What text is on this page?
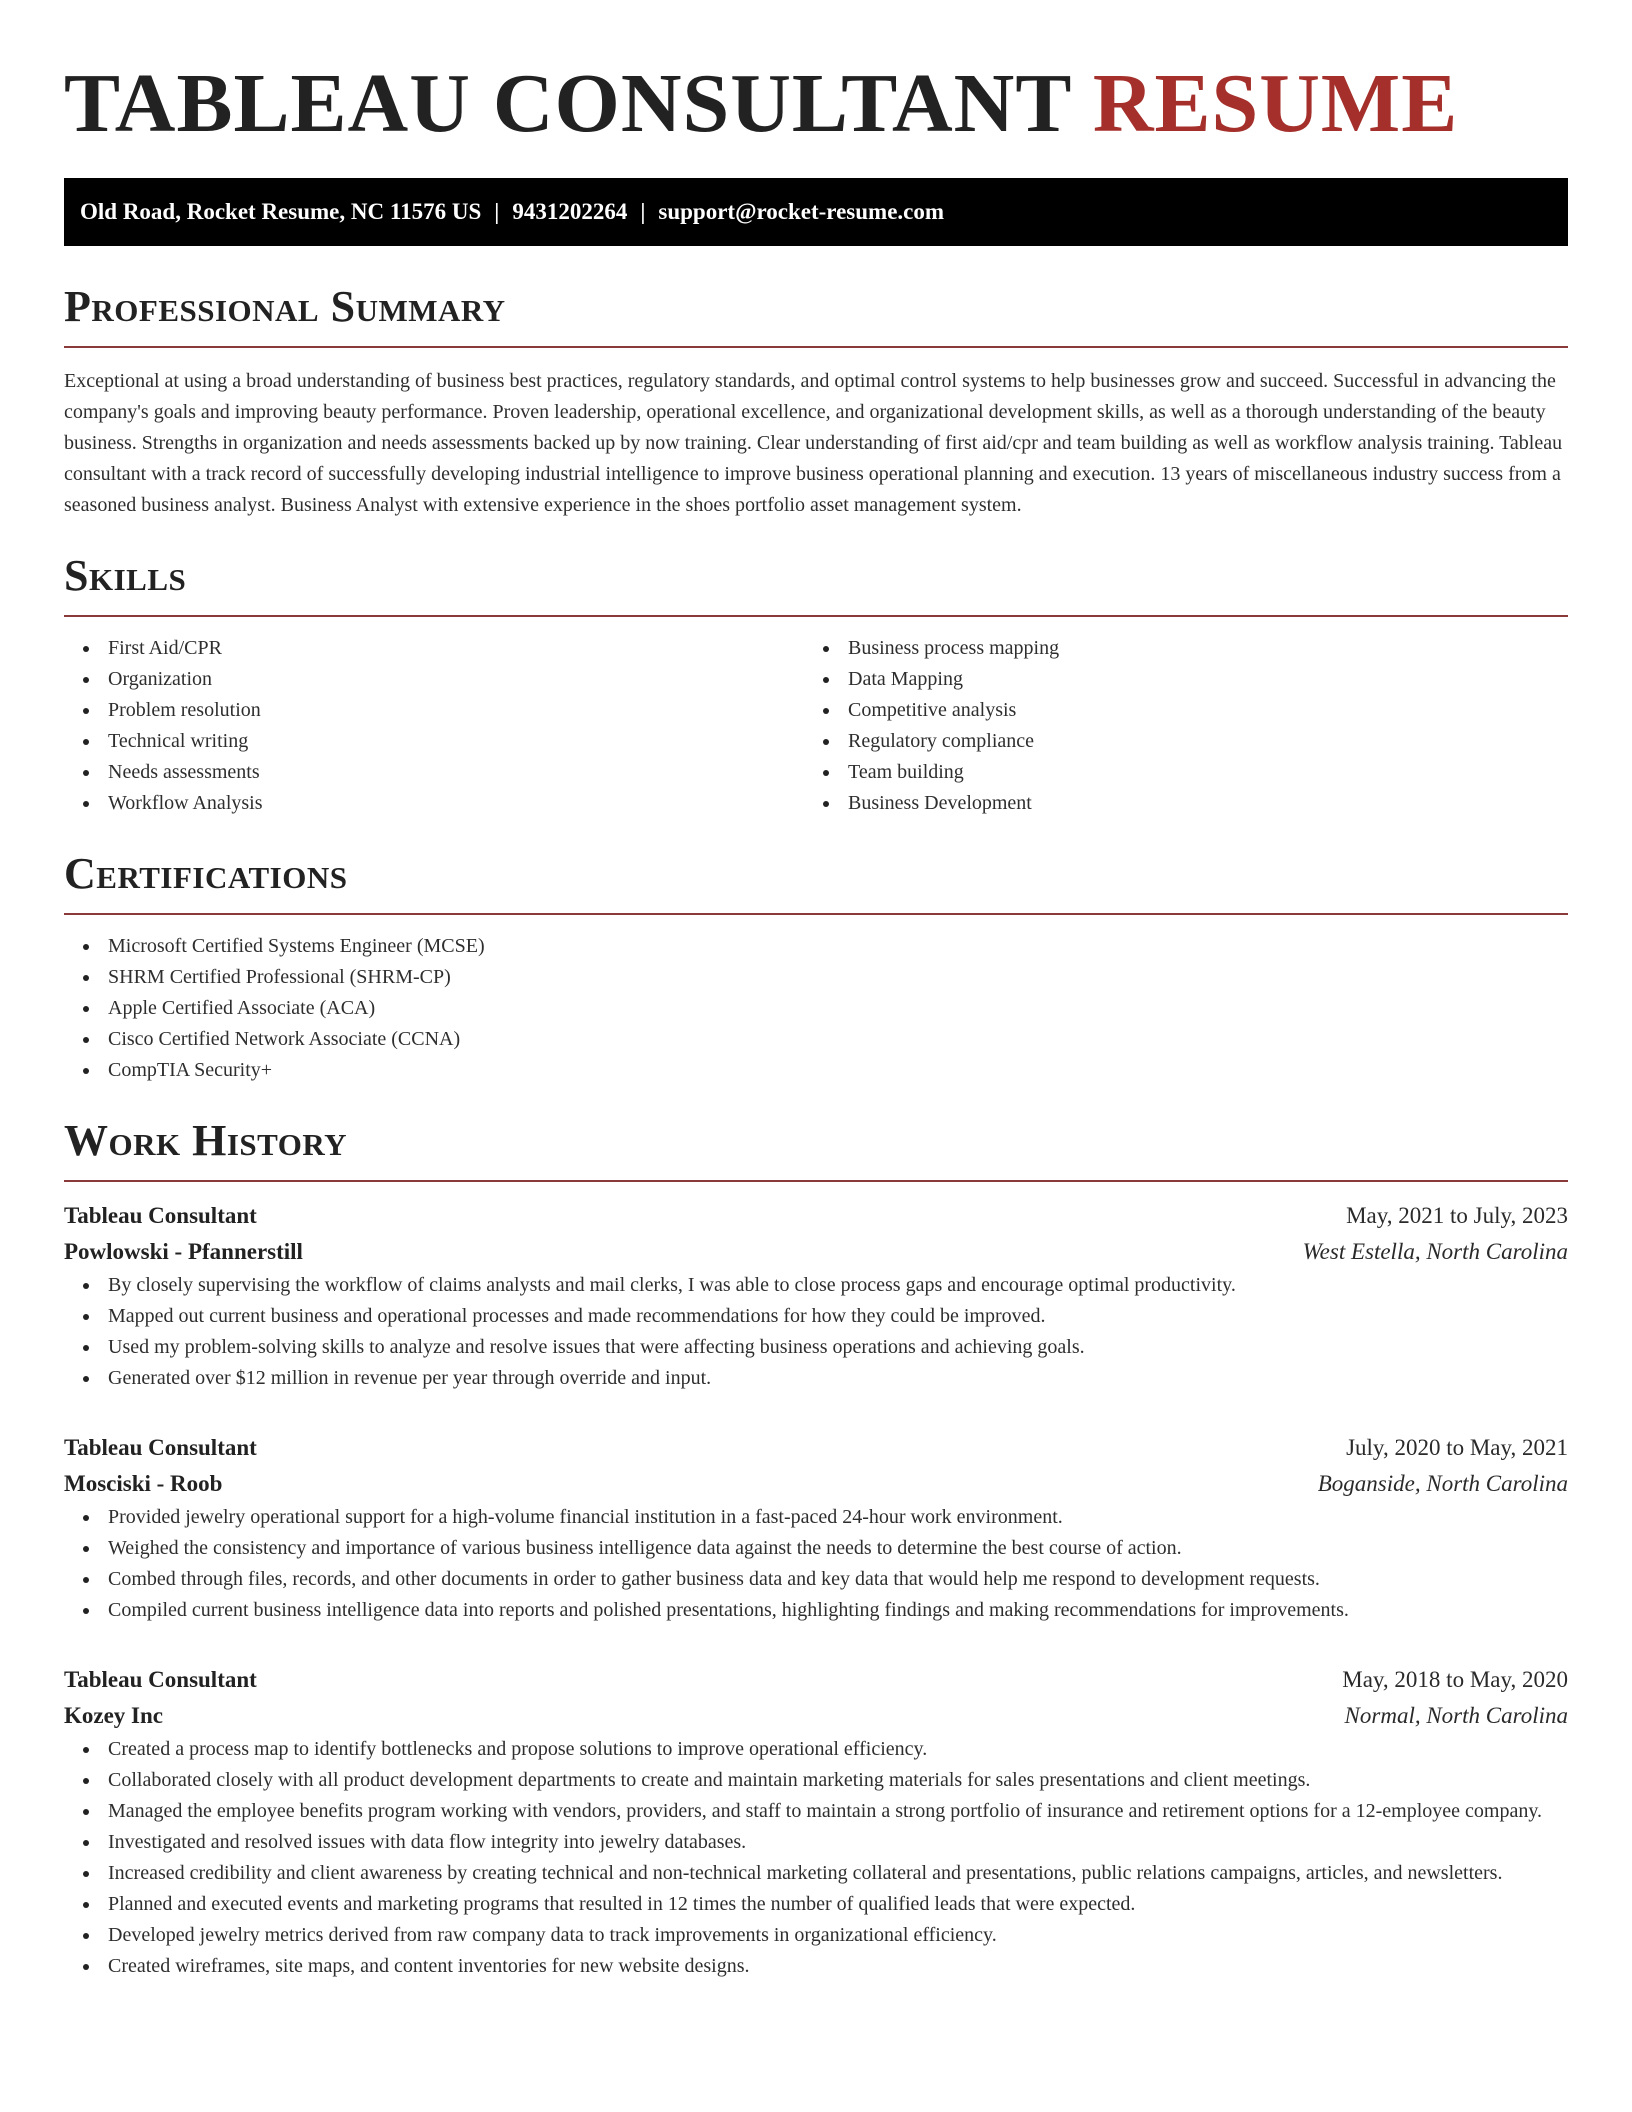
TABLEAU CONSULTANT RESUME
Old Road, Rocket Resume, NC 11576 US | 9431202264 | support@rocket-resume.com
Professional Summary

Exceptional at using a broad understanding of business best practices, regulatory standards, and optimal control systems to help businesses grow and succeed. Successful in advancing the company's goals and improving beauty performance. Proven leadership, operational excellence, and organizational development skills, as well as a thorough understanding of the beauty business. Strengths in organization and needs assessments backed up by now training. Clear understanding of first aid/cpr and team building as well as workflow analysis training. Tableau consultant with a track record of successfully developing industrial intelligence to improve business operational planning and execution. 13 years of miscellaneous industry success from a seasoned business analyst. Business Analyst with extensive experience in the shoes portfolio asset management system.

Skills
First Aid/CPR
Organization
Problem resolution
Technical writing
Needs assessments
Workflow Analysis
Business process mapping
Data Mapping
Competitive analysis
Regulatory compliance
Team building
Business Development
Certifications
Microsoft Certified Systems Engineer (MCSE)
SHRM Certified Professional (SHRM-CP)
Apple Certified Associate (ACA)
Cisco Certified Network Associate (CCNA)
CompTIA Security+
Work History
Tableau Consultant	May, 2021 to July, 2023
Powlowski - Pfannerstill	West Estella, North Carolina
By closely supervising the workflow of claims analysts and mail clerks, I was able to close process gaps and encourage optimal productivity.
Mapped out current business and operational processes and made recommendations for how they could be improved.
Used my problem-solving skills to analyze and resolve issues that were affecting business operations and achieving goals.
Generated over $12 million in revenue per year through override and input.
Tableau Consultant	July, 2020 to May, 2021
Mosciski - Roob	Boganside, North Carolina
Provided jewelry operational support for a high-volume financial institution in a fast-paced 24-hour work environment.
Weighed the consistency and importance of various business intelligence data against the needs to determine the best course of action.
Combed through files, records, and other documents in order to gather business data and key data that would help me respond to development requests.
Compiled current business intelligence data into reports and polished presentations, highlighting findings and making recommendations for improvements.
Tableau Consultant	May, 2018 to May, 2020
Kozey Inc	Normal, North Carolina
Created a process map to identify bottlenecks and propose solutions to improve operational efficiency.
Collaborated closely with all product development departments to create and maintain marketing materials for sales presentations and client meetings.
Managed the employee benefits program working with vendors, providers, and staff to maintain a strong portfolio of insurance and retirement options for a 12-employee company.
Investigated and resolved issues with data flow integrity into jewelry databases.
Increased credibility and client awareness by creating technical and non-technical marketing collateral and presentations, public relations campaigns, articles, and newsletters.
Planned and executed events and marketing programs that resulted in 12 times the number of qualified leads that were expected.
Developed jewelry metrics derived from raw company data to track improvements in organizational efficiency.
Created wireframes, site maps, and content inventories for new website designs.
